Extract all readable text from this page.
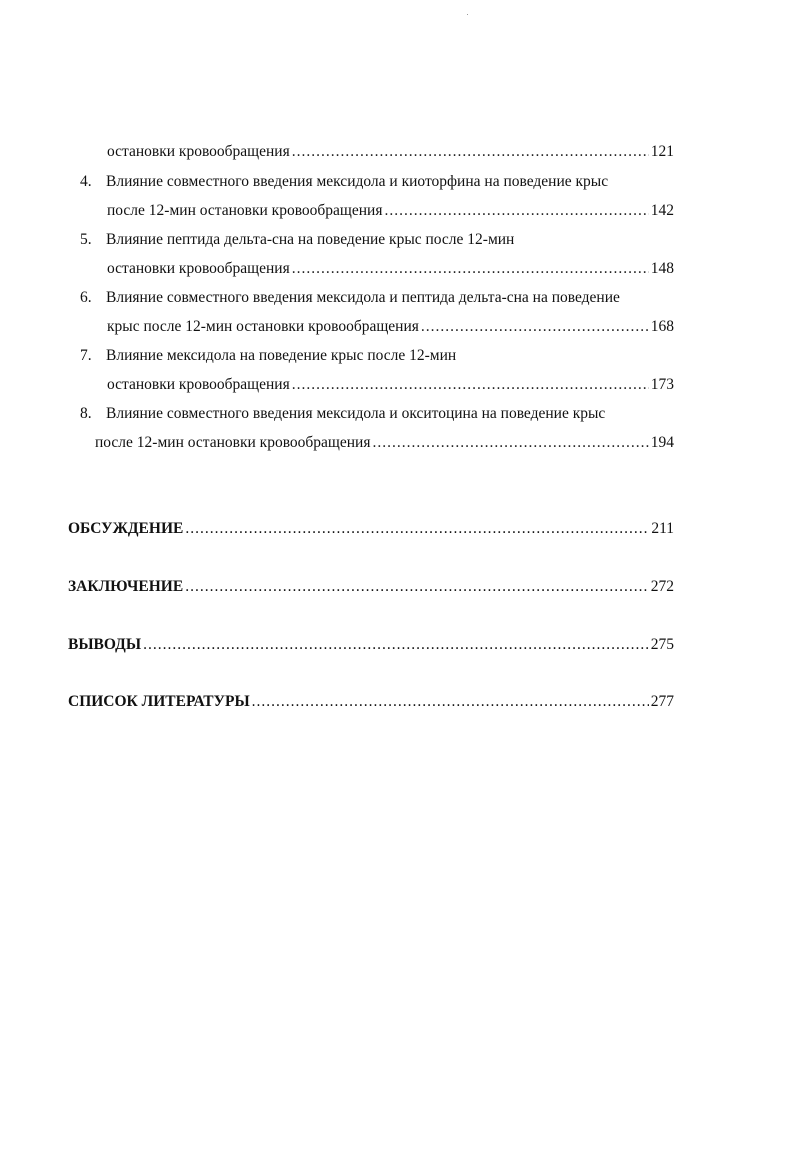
остановки кровообращения .....	121
4. Влияние совместного введения мексидола и киоторфина на поведение крыс
после 12-мин остановки кровообращения .....	142
5. Влияние пептида дельта-сна на поведение крыс после 12-мин
остановки кровообращения .....	148
6. Влияние совместного введения мексидола и пептида дельта-сна на поведение
крыс после 12-мин остановки кровообращения .....	168
7. Влияние мексидола на поведение крыс после 12-мин
остановки кровообращения .....	173
8. Влияние совместного введения мексидола и окситоцина на поведение крыс
после 12-мин остановки кровообращения .....	194
ОБСУЖДЕНИЕ .....	211
ЗАКЛЮЧЕНИЕ .....	272
ВЫВОДЫ .....	275
СПИСОК ЛИТЕРАТУРЫ .....	277
